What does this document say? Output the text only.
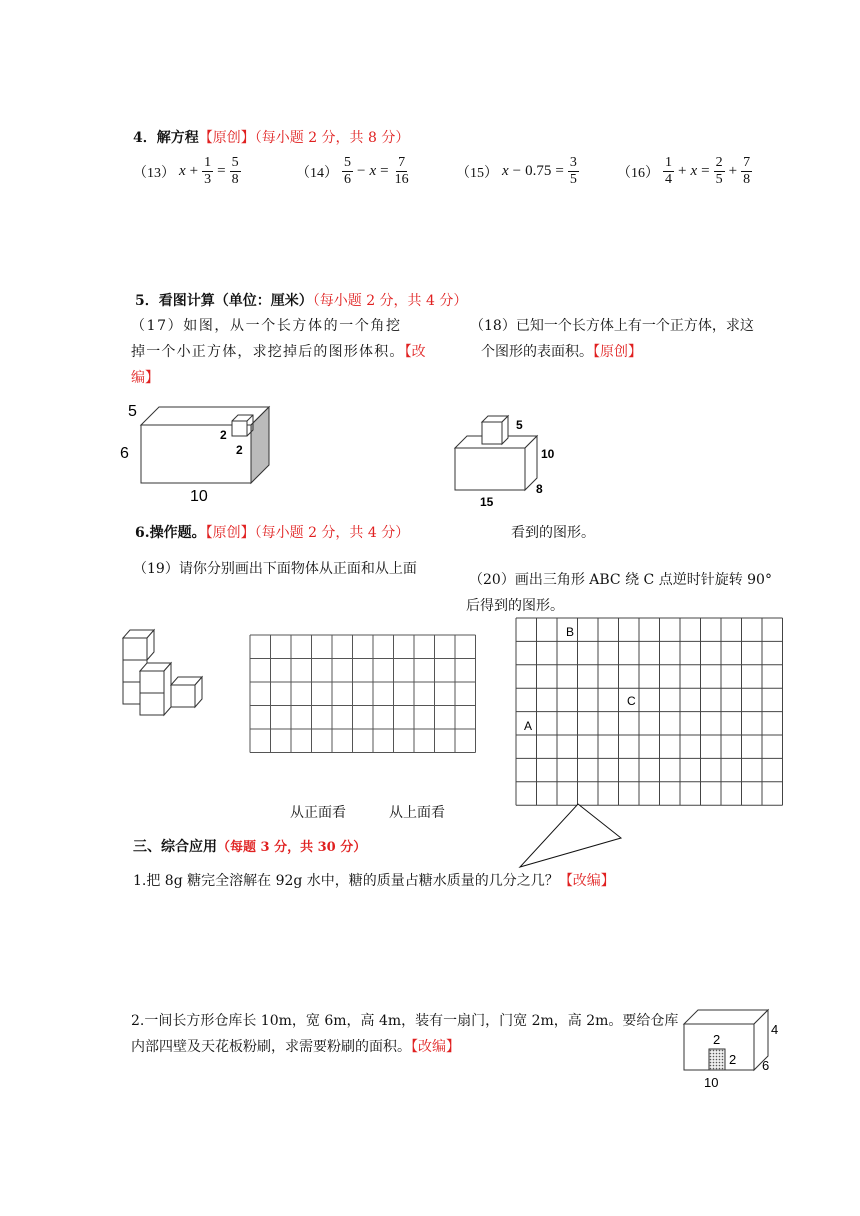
4．解方程【原创】（每小题 2 分，共 8 分）
（13） $x + \frac{1}{3} = \frac{5}{8}$	$(14) \frac{5}{6} - x = \frac{7}{16}$	（15） $x - 0.75 = \frac{3}{5}$	$(16) \frac{1}{4} + x = \frac{2}{5} + \frac{7}{8}$
5．看图计算（单位：厘米）（每小题 2 分，共 4 分）
（17）如图，从一个长方体的一个角挖
掉一个小正方体，求挖掉后的图形体积。【改
编】
（18）已知一个长方体上有一个正方体，求这
个图形的表面积。【原创】
5
6
10
2
2
5
10
15
8
6.操作题。【原创】（每小题 2 分，共 4 分）	看到的图形。
（19）请你分别画出下面物体从正面和从上面
（20）画出三角形 ABC 绕 C 点逆时针旋转 90°
后得到的图形。
从正面看	从上面看
B
C
A
三、综合应用（每题 3 分，共 30 分）
1.把 8g 糖完全溶解在 92g 水中，糖的质量占糖水质量的几分之几？【改编】
2.一间长方形仓库长 10m，宽 6m，高 4m，装有一扇门，门宽 2m，高 2m。要给仓库
内部四壁及天花板粉刷，求需要粉刷的面积。【改编】	2
2
4
6
10
